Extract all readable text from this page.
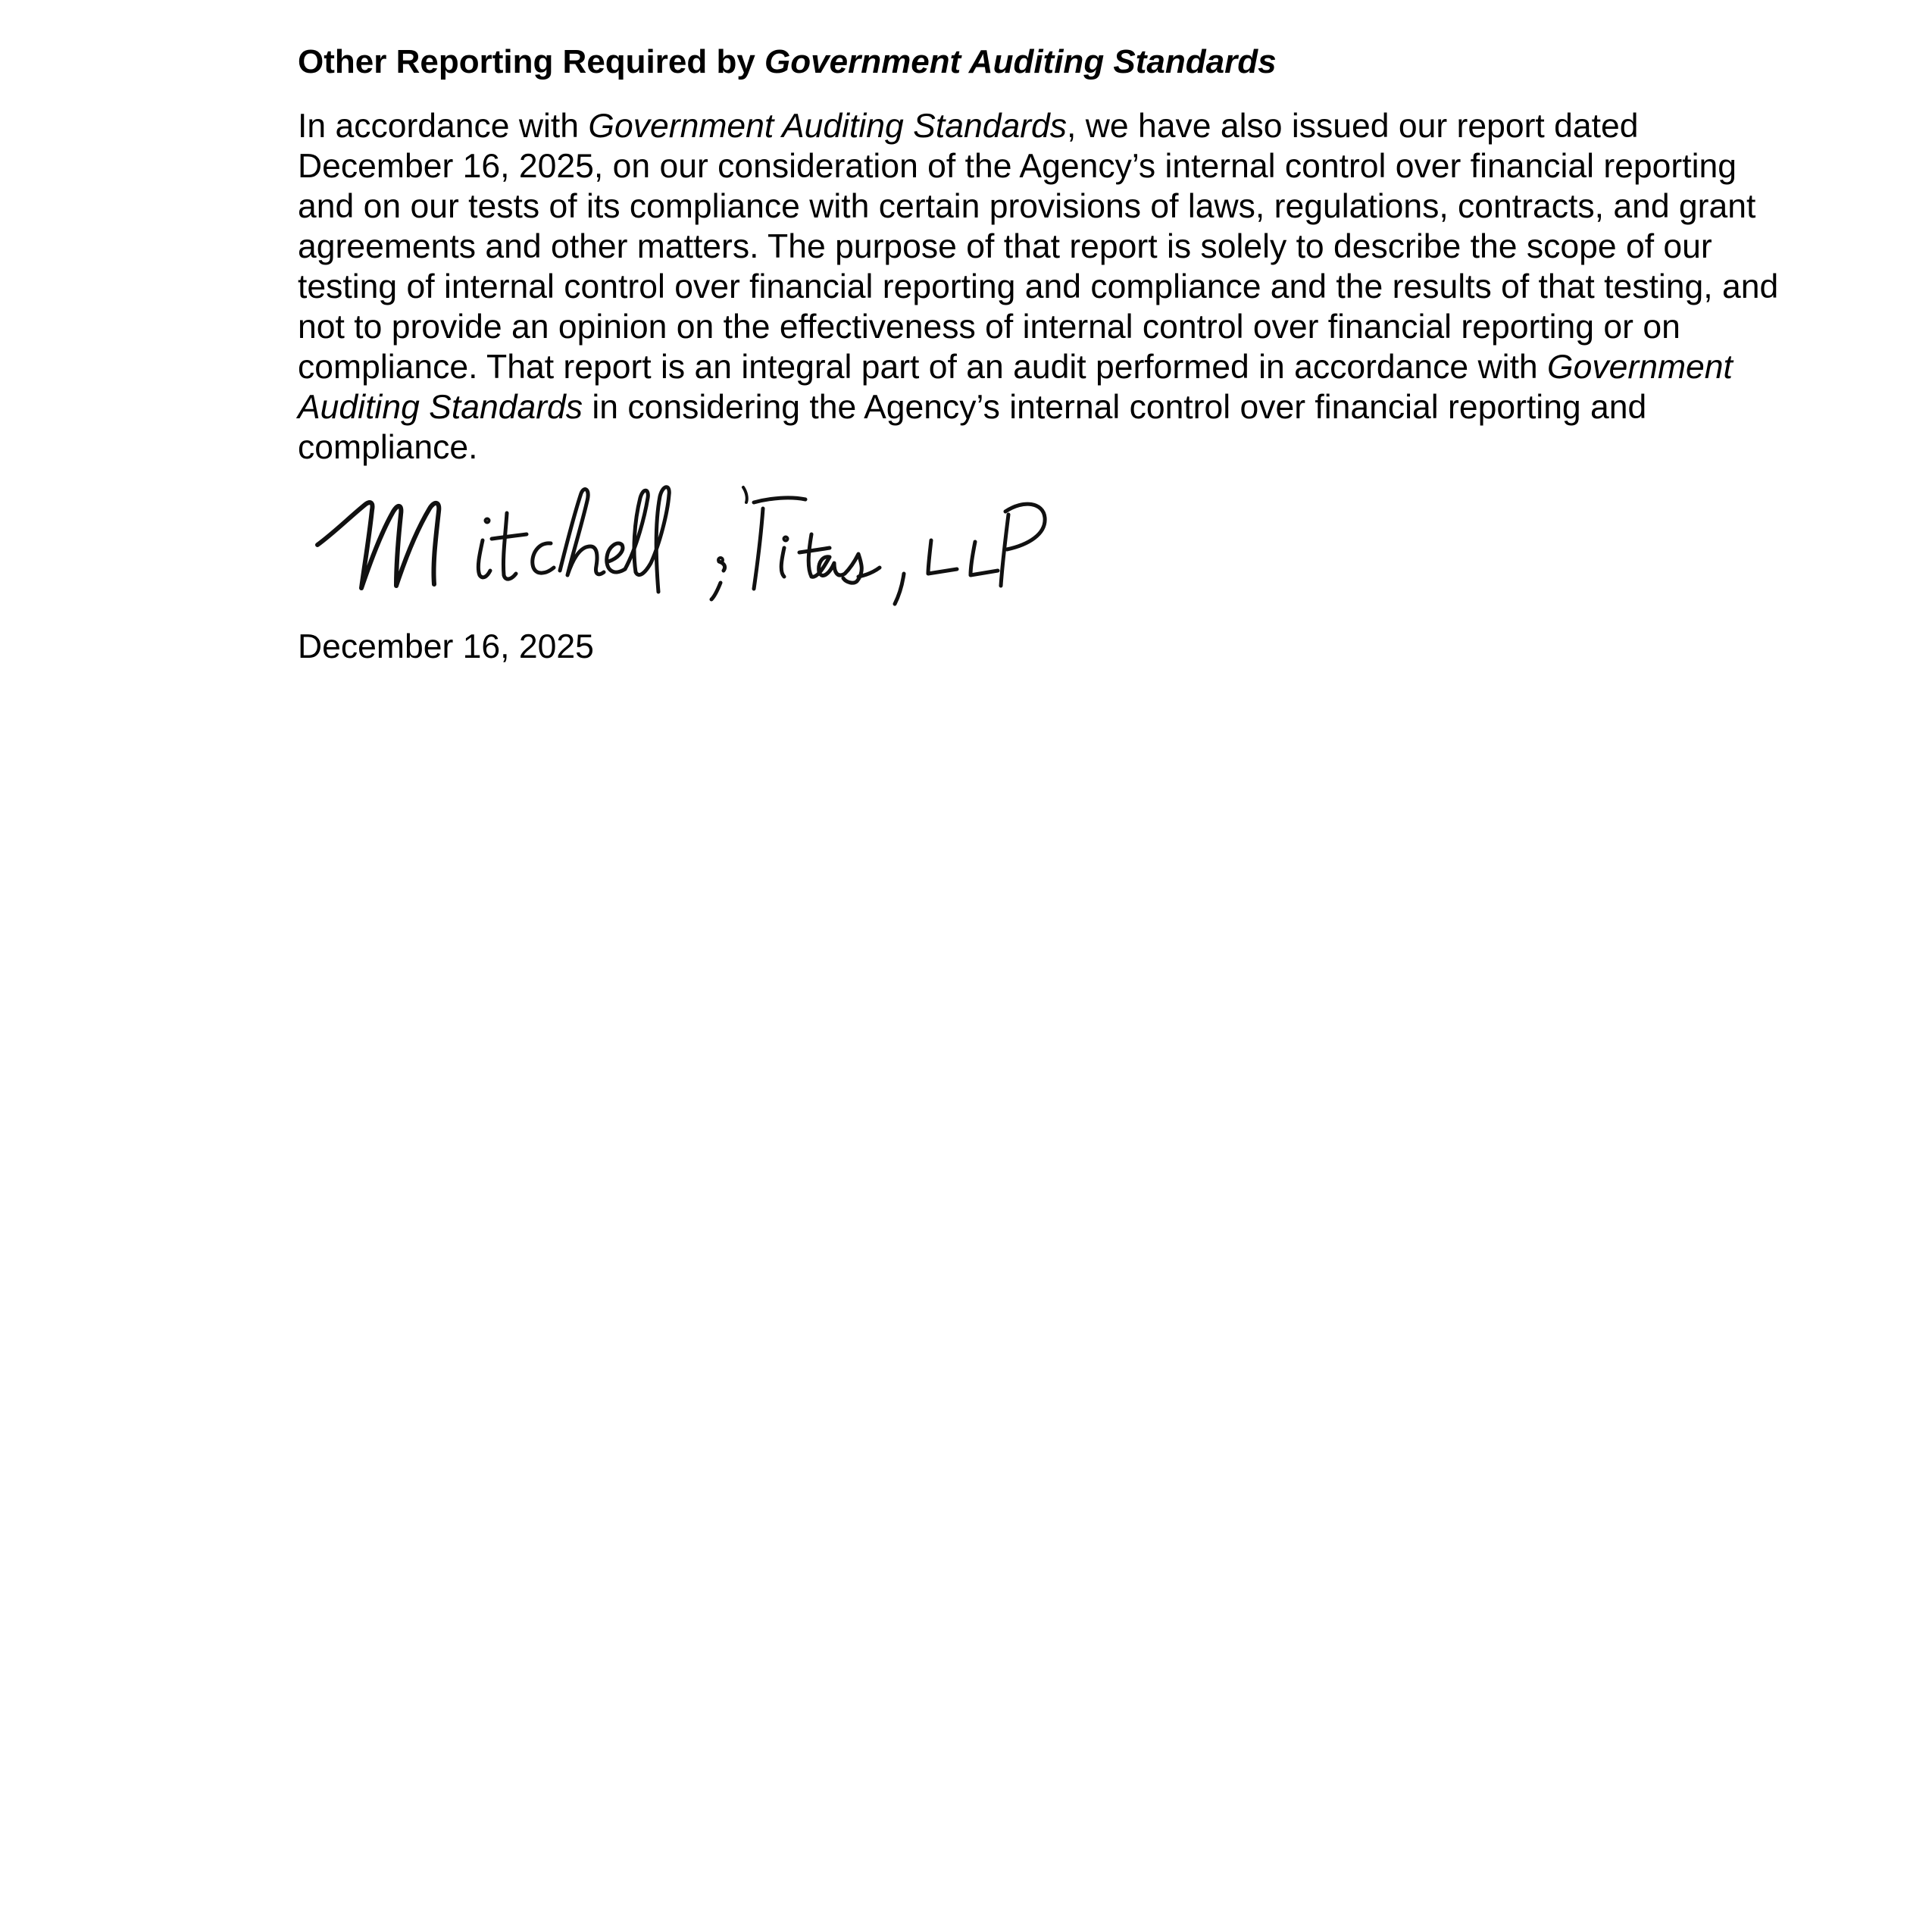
Other Reporting Required by Government Auditing Standards

In accordance with Government Auditing Standards, we have also issued our report dated December 16, 2025, on our consideration of the Agency’s internal control over financial reporting and on our tests of its compliance with certain provisions of laws, regulations, contracts, and grant agreements and other matters. The purpose of that report is solely to describe the scope of our testing of internal control over financial reporting and compliance and the results of that testing, and not to provide an opinion on the effectiveness of internal control over financial reporting or on compliance. That report is an integral part of an audit performed in accordance with Government Auditing Standards in considering the Agency’s internal control over financial reporting and compliance.

December 16, 2025
